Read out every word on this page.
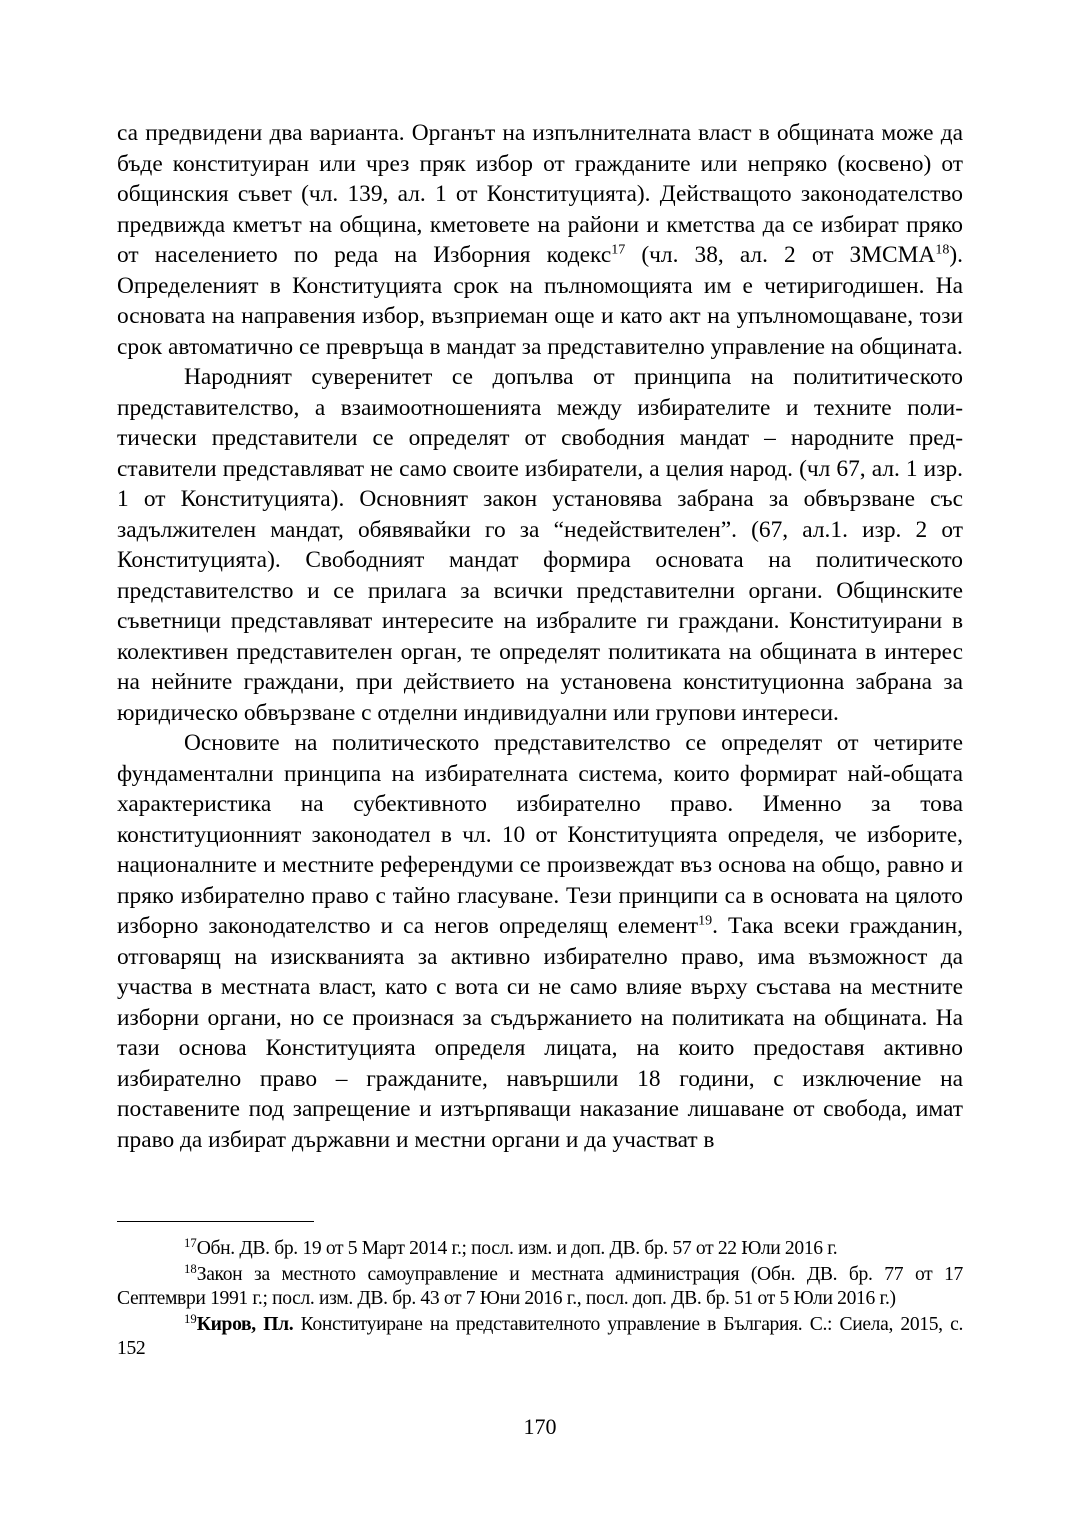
са предвидени два варианта. Органът на изпълнителната власт в общината може да бъде конституиран или чрез пряк избор от гражданите или непряко (косвено) от общинския съвет (чл. 139, ал. 1 от Конституцията). Действащото законодателство предвижда кметът на община, кметовете на райони и кметства да се избират пряко от населението по реда на Изборния кодекс$^{17}$ (чл. 38, ал. 2 от ЗМСМА$^{18}$). Определеният в Конституцията срок на пълномощията им е четиригодишен. На основата на направения избор, възприеман още и като акт на упълномощаване, този срок автоматично се превръща в мандат за представително управление на общината.

Народният суверенитет се допълва от принципа на полититическото представителство, а взаимоотношенията между избирателите и техните политически представители се определят от свободния мандат – народните представители представляват не само своите избиратели, а целия народ. (чл 67, ал. 1 изр. 1 от Конституцията). Основният закон установява забрана за обвързване със задължителен мандат, обявявайки го за “недействителен”. (67, ал.1. изр. 2 от Конституцията). Свободният мандат формира основата на политическото представителство и се прилага за всички представителни органи. Общинските съветници представляват интересите на избралите ги граждани. Конституирани в колективен представителен орган, те определят политиката на общината в интерес на нейните граждани, при действието на установена конституционна забрана за юридическо обвързване с отделни индивидуални или групови интереси.

Основите на политическото представителство се определят от четирите фундаментални принципа на избирателната система, които формират най-общата характеристика на субективното избирателно право. Именно за това конституционният законодател в чл. 10 от Конституцията определя, че изборите, националните и местните референдуми се произвеждат въз основа на общо, равно и пряко избирателно право с тайно гласуване. Тези принципи са в основата на цялото изборно законодателство и са негов определящ елемент$^{19}$. Така всеки гражданин, отговарящ на изискванията за активно избирателно право, има възможност да участва в местната власт, като с вота си не само влияе върху състава на местните изборни органи, но се произнася за съдържанието на политиката на общината. На тази основа Конституцията определя лицата, на които предоставя активно избирателно право – гражданите, навършили 18 години, с изключение на поставените под запрещение и изтърпяващи наказание лишаване от свобода, имат право да избират държавни и местни органи и да участват в

$^{17}$Обн. ДВ. бр. 19 от 5 Март 2014 г.; посл. изм. и доп. ДВ. бр. 57 от 22 Юли 2016 г.

$^{18}$Закон за местното самоуправление и местната администрация (Обн. ДВ. бр. 77 от 17 Септември 1991 г.; посл. изм. ДВ. бр. 43 от 7 Юни 2016 г., посл. доп. ДВ. бр. 51 от 5 Юли 2016 г.)

$^{19}$Киров, Пл. Конституиране на представителното управление в България. С.: Сиела, 2015, с. 152

170
